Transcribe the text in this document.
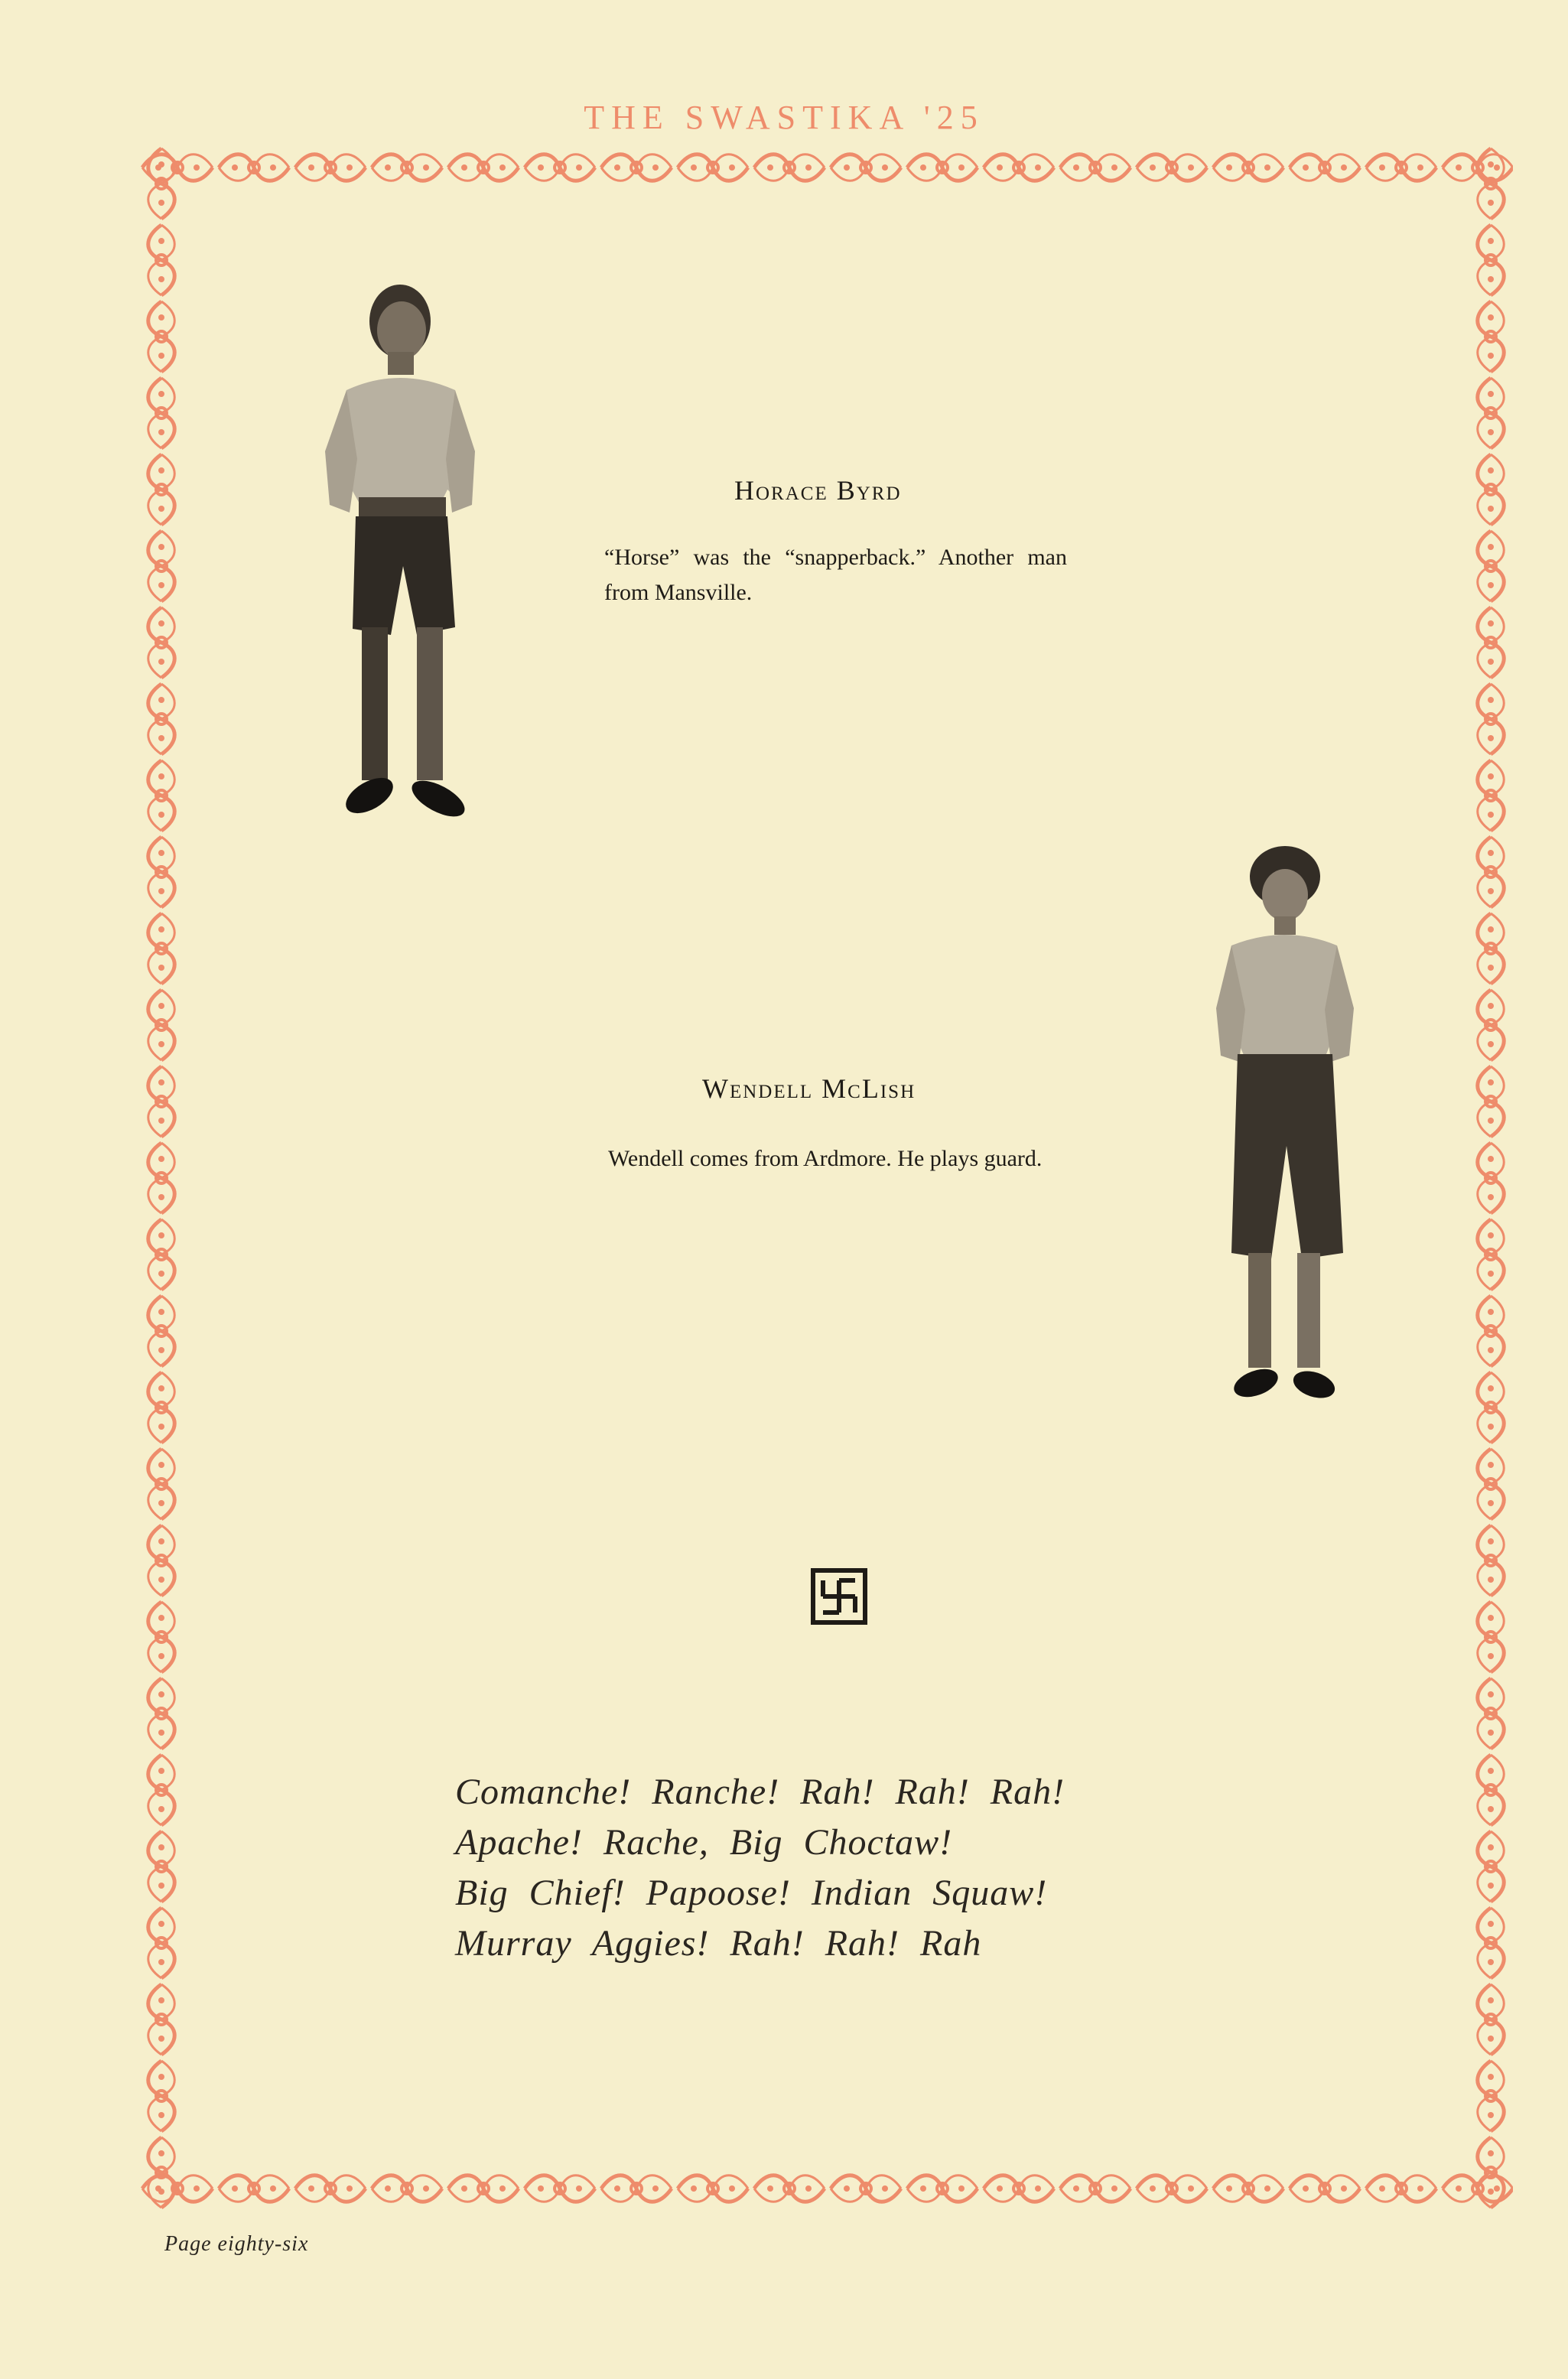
THE SWASTIKA '25
Horace Byrd
“Horse” was the “snapperback.” Another man from Mansville.
Wendell McLish
Wendell comes from Ardmore. He plays guard.
Comanche! Ranche! Rah! Rah! Rah!
Apache! Rache, Big Choctaw!
Big Chief! Papoose! Indian Squaw!
Murray Aggies! Rah! Rah! Rah
Page eighty-six
